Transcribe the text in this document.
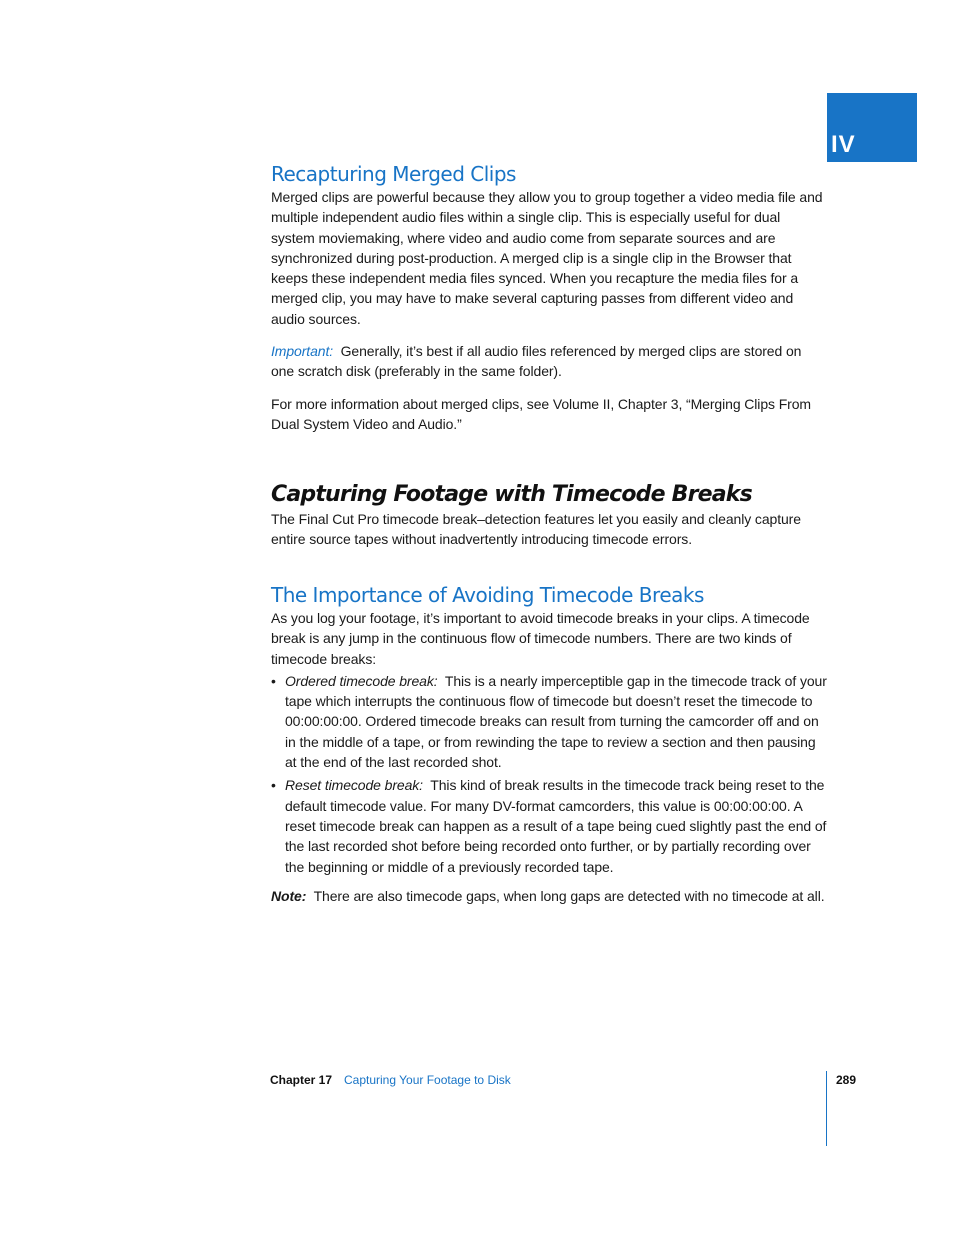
IV
Recapturing Merged Clips

Merged clips are powerful because they allow you to group together a video media file and multiple independent audio files within a single clip. This is especially useful for dual system moviemaking, where video and audio come from separate sources and are synchronized during post-production. A merged clip is a single clip in the Browser that keeps these independent media files synced. When you recapture the media files for a merged clip, you may have to make several capturing passes from different video and audio sources.

Important: Generally, it’s best if all audio files referenced by merged clips are stored on one scratch disk (preferably in the same folder).

For more information about merged clips, see Volume II, Chapter 3, “Merging Clips From Dual System Video and Audio.”

Capturing Footage with Timecode Breaks

The Final Cut Pro timecode break–detection features let you easily and cleanly capture entire source tapes without inadvertently introducing timecode errors.

The Importance of Avoiding Timecode Breaks

As you log your footage, it’s important to avoid timecode breaks in your clips. A timecode break is any jump in the continuous flow of timecode numbers. There are two kinds of timecode breaks:

• Ordered timecode break: This is a nearly imperceptible gap in the timecode track of your tape which interrupts the continuous flow of timecode but doesn’t reset the timecode to 00:00:00:00. Ordered timecode breaks can result from turning the camcorder off and on in the middle of a tape, or from rewinding the tape to review a section and then pausing at the end of the last recorded shot.
• Reset timecode break: This kind of break results in the timecode track being reset to the default timecode value. For many DV-format camcorders, this value is 00:00:00:00. A reset timecode break can happen as a result of a tape being cued slightly past the end of the last recorded shot before being recorded onto further, or by partially recording over the beginning or middle of a previously recorded tape.

Note: There are also timecode gaps, when long gaps are detected with no timecode at all.

Chapter 17 Capturing Your Footage to Disk	289
